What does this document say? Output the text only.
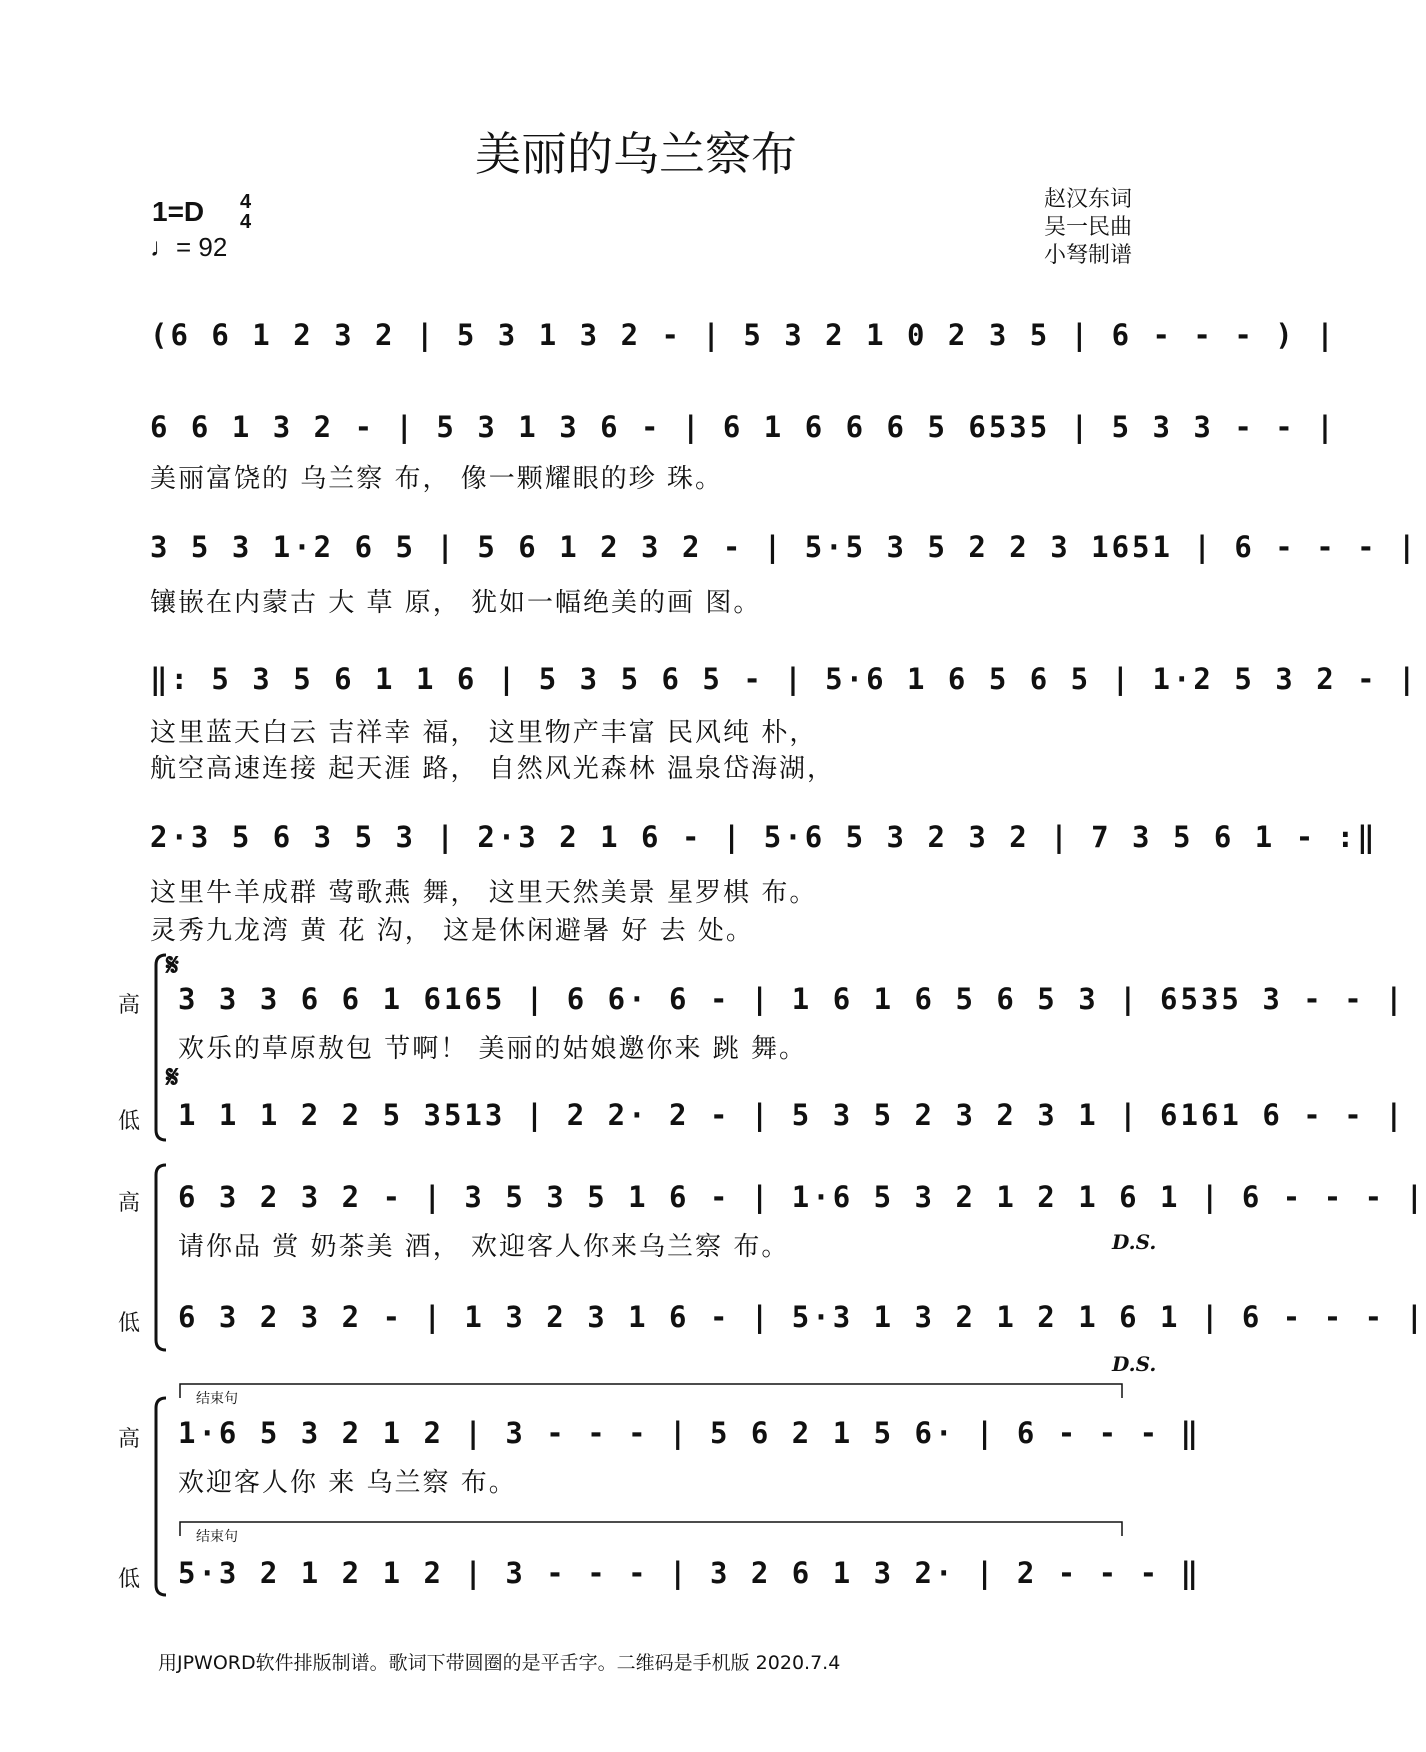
美丽的乌兰察布
1=D 4
4
♩= 92
赵汉东词
吴一民曲
小弩制谱
(6 6 1 2 3 2 | 5 3 1 3 2 - | 5 3 2 1 0 2 3 5 | 6 - - - ) |
6 6 1 3 2 - | 5 3 1 3 6 - | 6 1 6 6 6 5 6535 | 5 3 3 - - |
美丽富饶的 乌兰察 布， 像一颗耀眼的珍 珠。
3 5 3 1·2 6 5 | 5 6 1 2 3 2 - | 5·5 3 5 2 2 3 1651 | 6 - - - |
镶嵌在内蒙古 大 草 原， 犹如一幅绝美的画 图。
‖: 5 3 5 6 1 1 6 | 5 3 5 6 5 - | 5·6 1 6 5 6 5 | 1·2 5 3 2 - |
这里蓝天白云 吉祥幸 福， 这里物产丰富 民风纯 朴，
航空高速连接 起天涯 路， 自然风光森林 温泉岱海湖，
2·3 5 6 3 5 3 | 2·3 2 1 6 - | 5·6 5 3 2 3 2 | 7 3 5 6 1 - :‖
这里牛羊成群 莺歌燕 舞， 这里天然美景 星罗棋 布。
灵秀九龙湾 黄 花 沟， 这是休闲避暑 好 去 处。
𝄋
高 3 3 3 6 6 1 6165 | 6 6· 6 - | 1 6 1 6 5 6 5 3 | 6535 3 - - |
欢乐的草原敖包 节啊！ 美丽的姑娘邀你来 跳 舞。
𝄋
低 1 1 1 2 2 5 3513 | 2 2· 2 - | 5 3 5 2 3 2 3 1 | 6161 6 - - |
高 6 3 2 3 2 - | 3 5 3 5 1 6 - | 1·6 5 3 2 1 2 1 6 1 | 6 - - - |
请你品 赏 奶茶美 酒， 欢迎客人你来乌兰察 布。	D.S.
低 6 3 2 3 2 - | 1 3 2 3 1 6 - | 5·3 1 3 2 1 2 1 6 1 | 6 - - - |
D.S.
结束句
高 1·6 5 3 2 1 2 | 3 - - - | 5 6 2 1 5 6· | 6 - - - ‖
欢迎客人你 来 乌兰察 布。
结束句
低 5·3 2 1 2 1 2 | 3 - - - | 3 2 6 1 3 2· | 2 - - - ‖
用JPWORD软件排版制谱。歌词下带圆圈的是平舌字。二维码是手机版 2020.7.4
